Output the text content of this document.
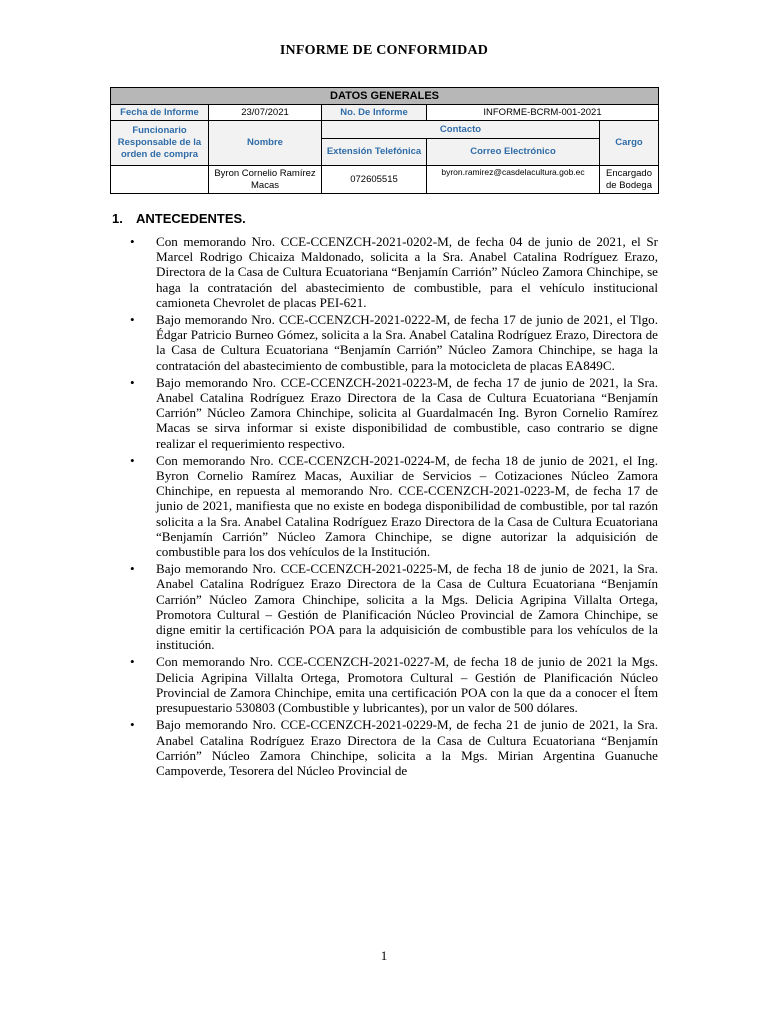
INFORME DE CONFORMIDAD
DATOS GENERALES				
Fecha de Informe	23/07/2021	No. De Informe	INFORME-BCRM-001-2021	
Funcionario Responsable de la orden de compra	Nombre	Contacto		Cargo
		Extensión Telefónica	Correo Electrónico	
	Byron Cornelio Ramírez Macas	072605515	byron.ramirez@casdelacultura.gob.ec	Encargado de Bodega
1. ANTECEDENTES.
• Con memorando Nro. CCE-CCENZCH-2021-0202-M, de fecha 04 de junio de 2021, el Sr Marcel Rodrigo Chicaiza Maldonado, solicita a la Sra. Anabel Catalina Rodríguez Erazo, Directora de la Casa de Cultura Ecuatoriana “Benjamín Carrión” Núcleo Zamora Chinchipe, se haga la contratación del abastecimiento de combustible, para el vehículo institucional camioneta Chevrolet de placas PEI-621.
• Bajo memorando Nro. CCE-CCENZCH-2021-0222-M, de fecha 17 de junio de 2021, el Tlgo. Édgar Patricio Burneo Gómez, solicita a la Sra. Anabel Catalina Rodríguez Erazo, Directora de la Casa de Cultura Ecuatoriana “Benjamín Carrión” Núcleo Zamora Chinchipe, se haga la contratación del abastecimiento de combustible, para la motocicleta de placas EA849C.
• Bajo memorando Nro. CCE-CCENZCH-2021-0223-M, de fecha 17 de junio de 2021, la Sra. Anabel Catalina Rodríguez Erazo Directora de la Casa de Cultura Ecuatoriana “Benjamín Carrión” Núcleo Zamora Chinchipe, solicita al Guardalmacén Ing. Byron Cornelio Ramírez Macas se sirva informar si existe disponibilidad de combustible, caso contrario se digne realizar el requerimiento respectivo.
• Con memorando Nro. CCE-CCENZCH-2021-0224-M, de fecha 18 de junio de 2021, el Ing. Byron Cornelio Ramírez Macas, Auxiliar de Servicios – Cotizaciones Núcleo Zamora Chinchipe, en repuesta al memorando Nro. CCE-CCENZCH-2021-0223-M, de fecha 17 de junio de 2021, manifiesta que no existe en bodega disponibilidad de combustible, por tal razón solicita a la Sra. Anabel Catalina Rodríguez Erazo Directora de la Casa de Cultura Ecuatoriana “Benjamín Carrión” Núcleo Zamora Chinchipe, se digne autorizar la adquisición de combustible para los dos vehículos de la Institución.
• Bajo memorando Nro. CCE-CCENZCH-2021-0225-M, de fecha 18 de junio de 2021, la Sra. Anabel Catalina Rodríguez Erazo Directora de la Casa de Cultura Ecuatoriana “Benjamín Carrión” Núcleo Zamora Chinchipe, solicita a la Mgs. Delicia Agripina Villalta Ortega, Promotora Cultural – Gestión de Planificación Núcleo Provincial de Zamora Chinchipe, se digne emitir la certificación POA para la adquisición de combustible para los vehículos de la institución.
• Con memorando Nro. CCE-CCENZCH-2021-0227-M, de fecha 18 de junio de 2021 la Mgs. Delicia Agripina Villalta Ortega, Promotora Cultural – Gestión de Planificación Núcleo Provincial de Zamora Chinchipe, emita una certificación POA con la que da a conocer el Ítem presupuestario 530803 (Combustible y lubricantes), por un valor de 500 dólares.
• Bajo memorando Nro. CCE-CCENZCH-2021-0229-M, de fecha 21 de junio de 2021, la Sra. Anabel Catalina Rodríguez Erazo Directora de la Casa de Cultura Ecuatoriana “Benjamín Carrión” Núcleo Zamora Chinchipe, solicita a la Mgs. Mirian Argentina Guanuche Campoverde, Tesorera del Núcleo Provincial de
1
